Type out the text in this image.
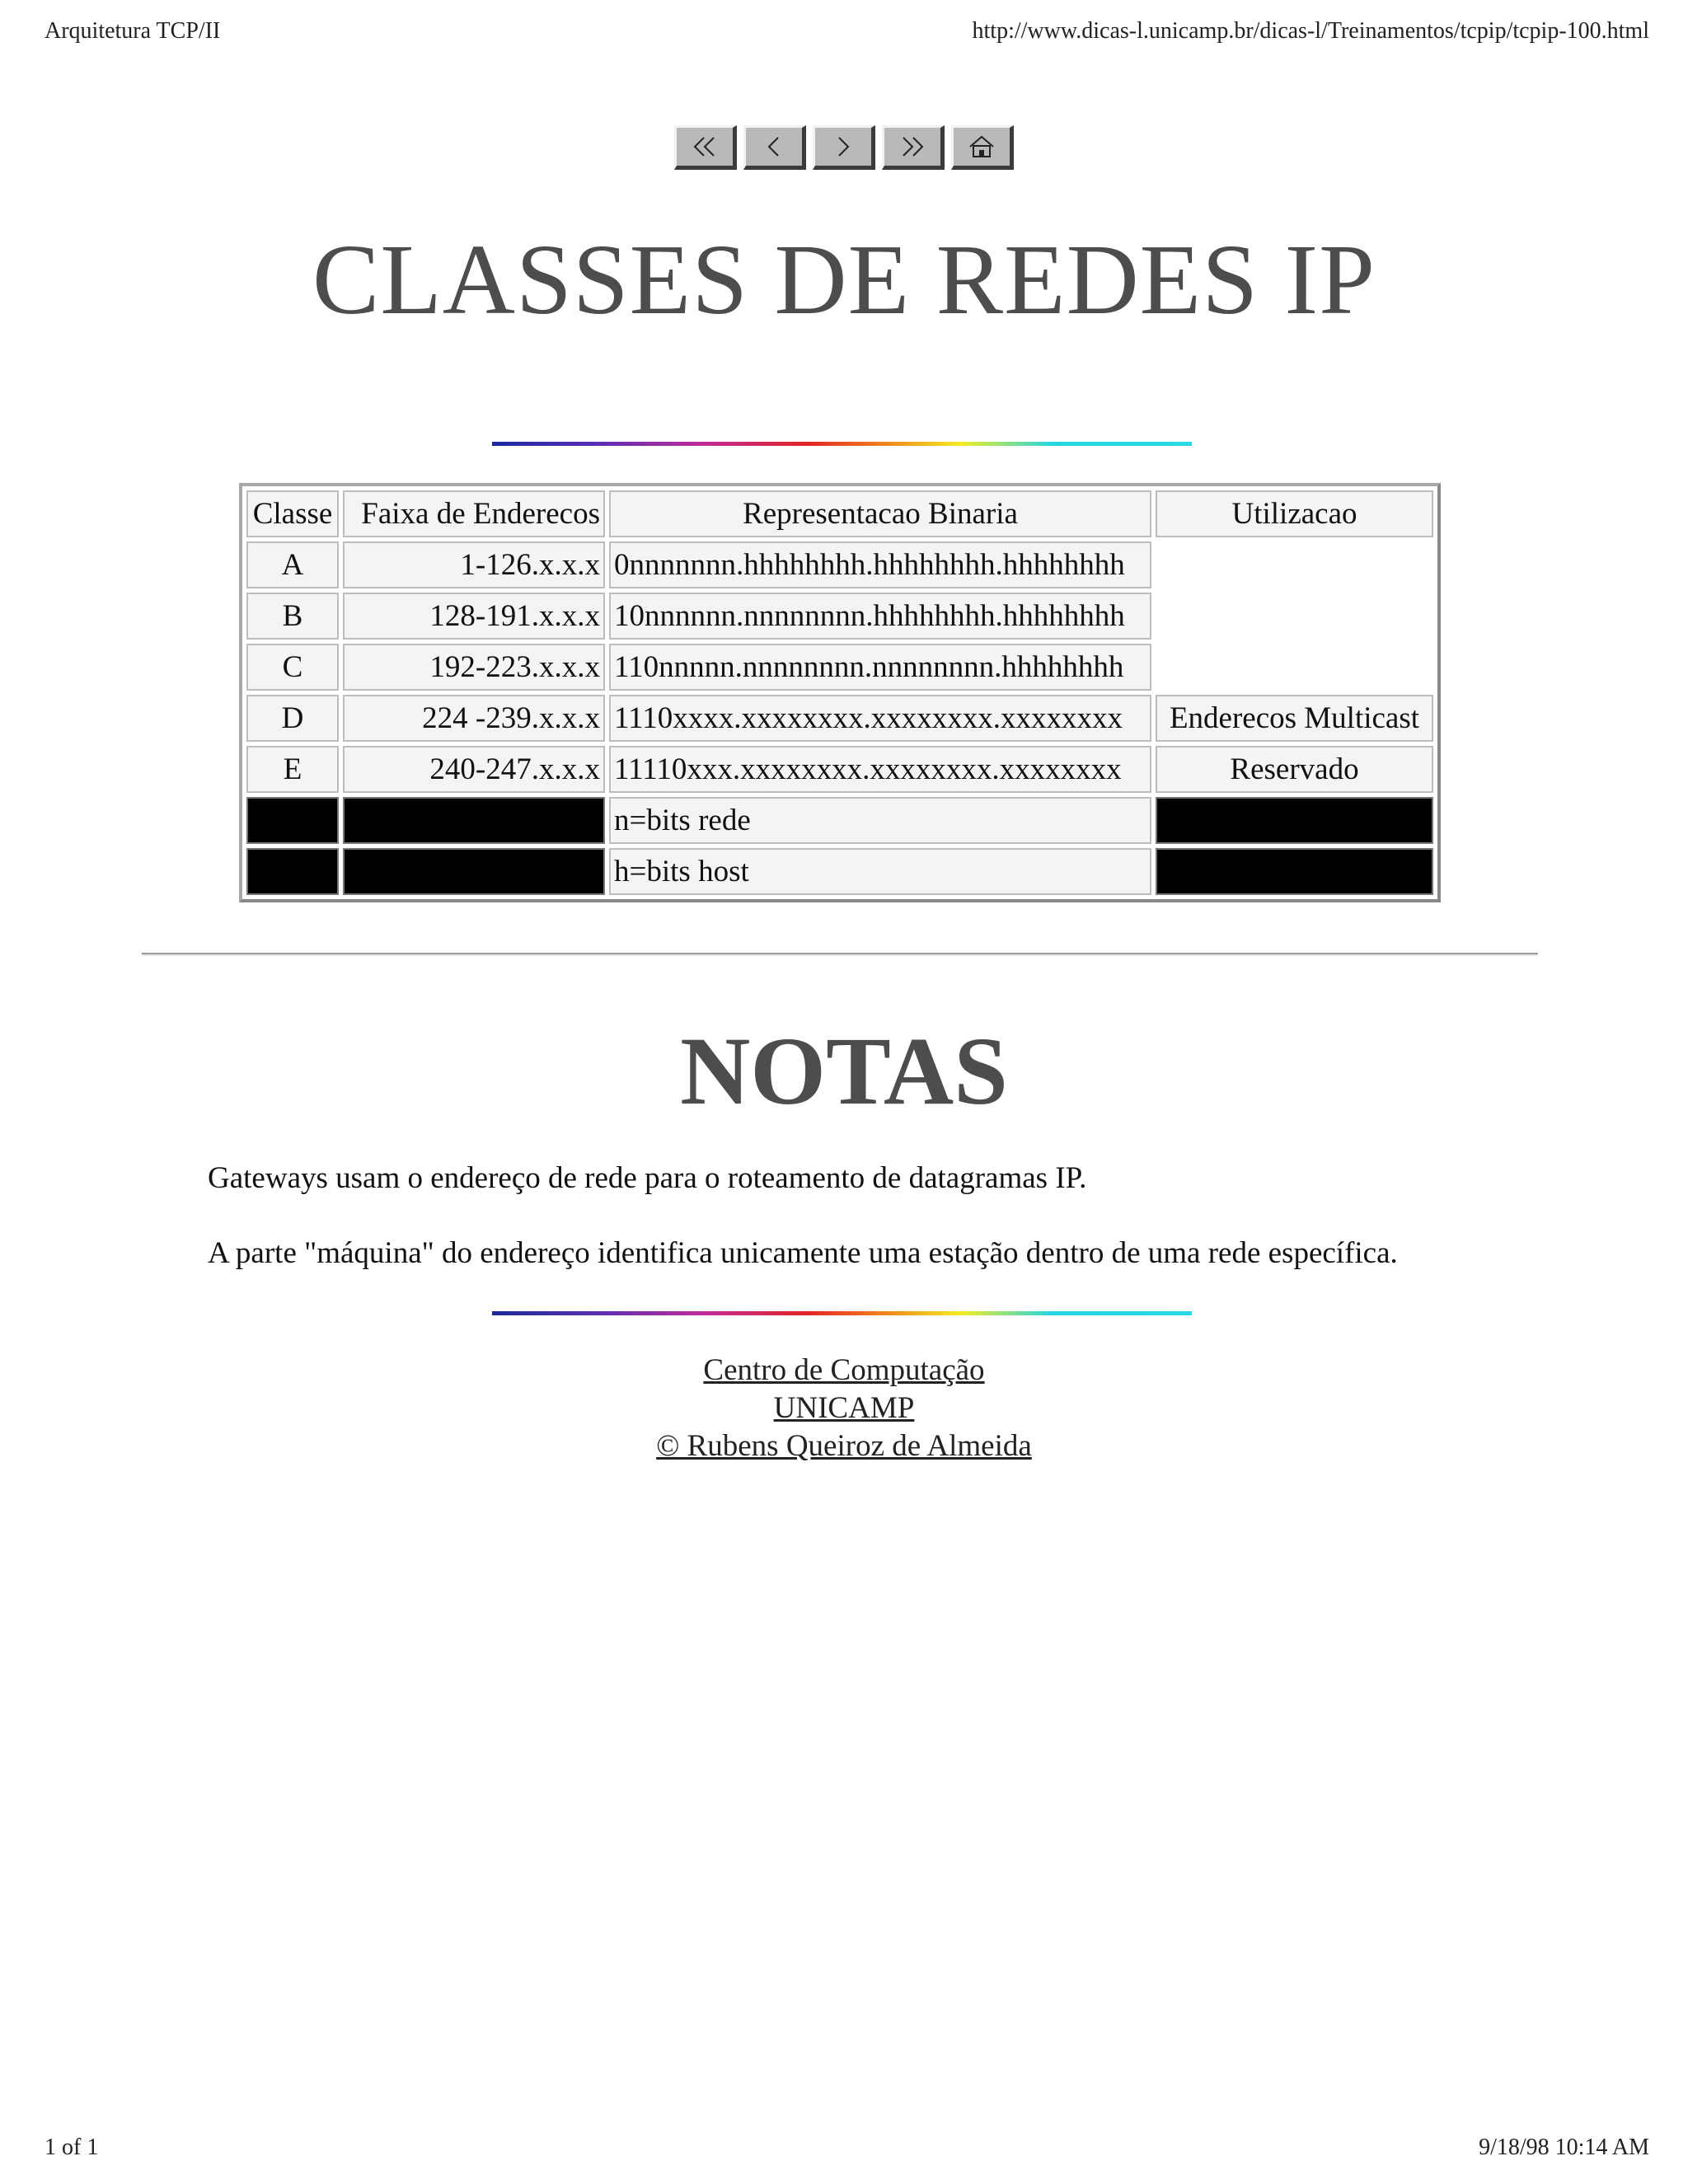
Arquitetura TCP/II	http://www.dicas-l.unicamp.br/dicas-l/Treinamentos/tcpip/tcpip-100.html
CLASSES DE REDES IP
Classe	Faixa de Enderecos	Representacao Binaria	Utilizacao
A	1-126.x.x.x	0nnnnnnn.hhhhhhhh.hhhhhhhh.hhhhhhhh	
B	128-191.x.x.x	10nnnnnn.nnnnnnnn.hhhhhhhh.hhhhhhhh	
C	192-223.x.x.x	110nnnnn.nnnnnnnn.nnnnnnnn.hhhhhhhh	
D	224 -239.x.x.x	1110xxxx.xxxxxxxx.xxxxxxxx.xxxxxxxx	Enderecos Multicast
E	240-247.x.x.x	11110xxx.xxxxxxxx.xxxxxxxx.xxxxxxxx	Reservado
		n=bits rede	
		h=bits host	
NOTAS

Gateways usam o endereço de rede para o roteamento de datagramas IP.

A parte "máquina" do endereço identifica unicamente uma estação dentro de uma rede específica.

Centro de Computação
UNICAMP
© Rubens Queiroz de Almeida
1 of 1	9/18/98 10:14 AM
